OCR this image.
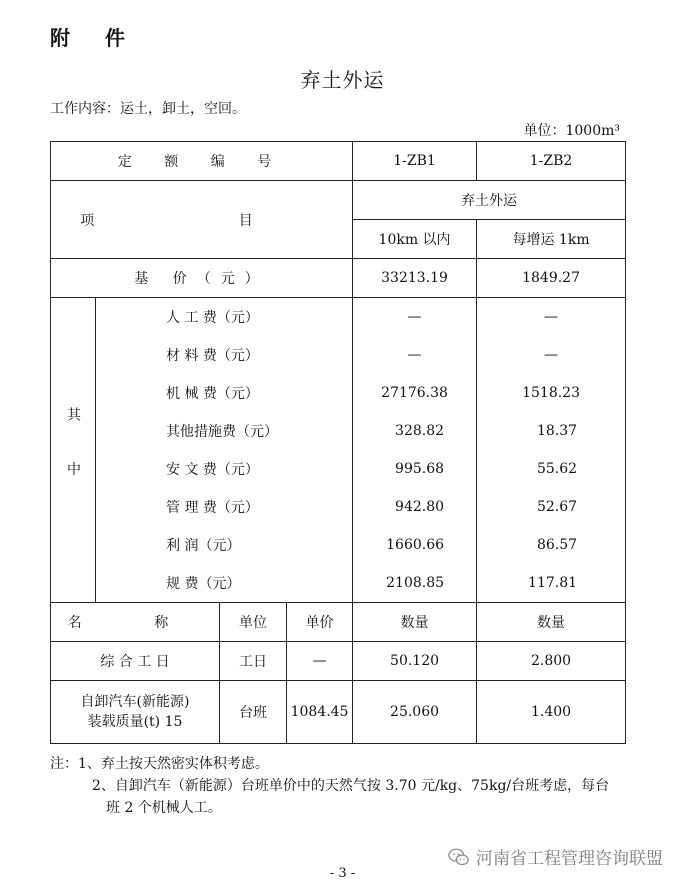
附 件
弃土外运
工作内容：运土，卸土，空回。
单位：1000m³
定 额 编 号				1-ZB1	1-ZB2
项 目				弃土外运	
				10km 以内	每增运 1km
基 价（元）				33213.19	1849.27

其 中	人 工 费（元）			—	—
	材 料 费（元）			—	—
	机 械 费（元）			27176.38	1518.23
	其他措施费（元）			328.82	18.37
	安 文 费（元）			995.68	55.62
	管 理 费（元）			942.80	52.67
	利 润（元）			1660.66	86.57
	规 费（元）			2108.85	117.81
名 称		单位	单价	数量	数量
综 合 工 日		工日	—	50.120	2.800

自卸汽车(新能源)
装载质量(t) 15		台班	1084.45	25.060	1.400
注：1、弃土按天然密实体积考虑。
2、自卸汽车（新能源）台班单价中的天然气按 3.70 元/kg、75kg/台班考虑，每台
班 2 个机械人工。
河南省工程管理咨询联盟
- 3 -
